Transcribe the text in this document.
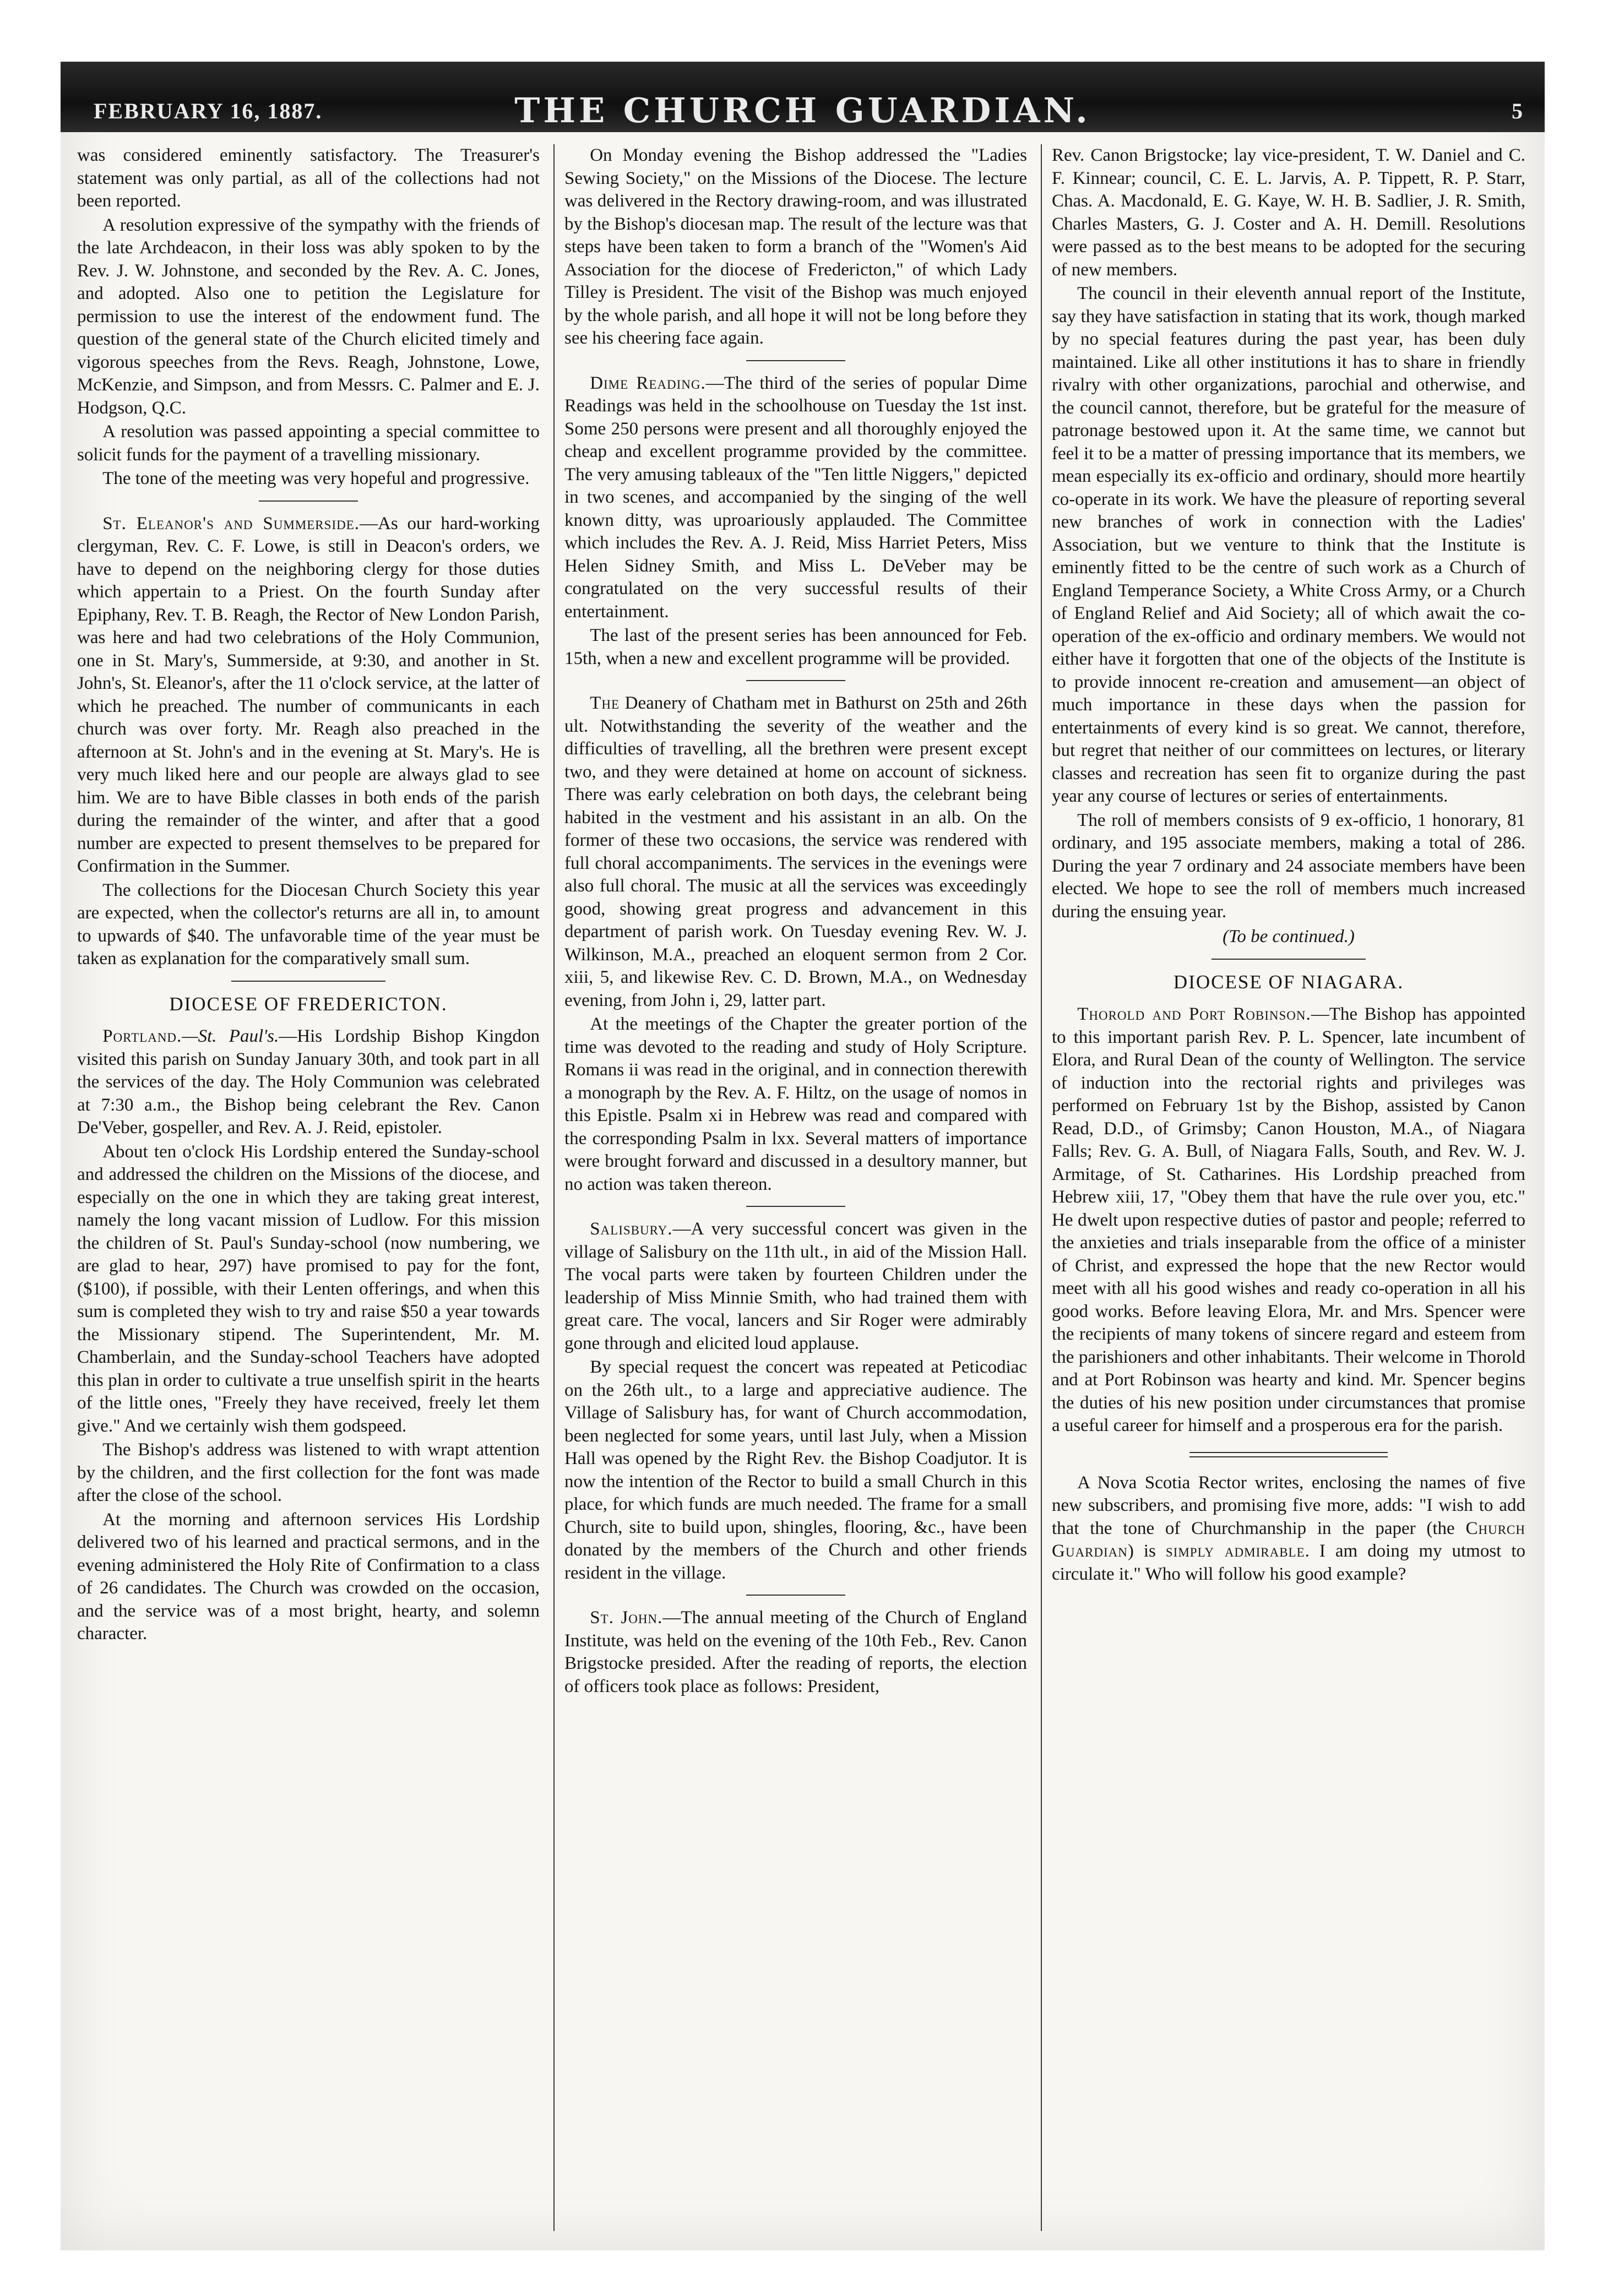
FEBRUARY 16, 1887.	THE CHURCH GUARDIAN.	5

was considered eminently satisfactory. The Treasurer's statement was only partial, as all of the collections had not been reported.

A resolution expressive of the sympathy with the friends of the late Archdeacon, in their loss was ably spoken to by the Rev. J. W. Johnstone, and seconded by the Rev. A. C. Jones, and adopted. Also one to petition the Legislature for permission to use the interest of the endowment fund. The question of the general state of the Church elicited timely and vigorous speeches from the Revs. Reagh, Johnstone, Lowe, McKenzie, and Simpson, and from Messrs. C. Palmer and E. J. Hodgson, Q.C.

A resolution was passed appointing a special committee to solicit funds for the payment of a travelling missionary.

The tone of the meeting was very hopeful and progressive.

St. Eleanor's and Summerside.—As our hard-working clergyman, Rev. C. F. Lowe, is still in Deacon's orders, we have to depend on the neighboring clergy for those duties which appertain to a Priest. On the fourth Sunday after Epiphany, Rev. T. B. Reagh, the Rector of New London Parish, was here and had two celebrations of the Holy Communion, one in St. Mary's, Summerside, at 9:30, and another in St. John's, St. Eleanor's, after the 11 o'clock service, at the latter of which he preached. The number of communicants in each church was over forty. Mr. Reagh also preached in the afternoon at St. John's and in the evening at St. Mary's. He is very much liked here and our people are always glad to see him. We are to have Bible classes in both ends of the parish during the remainder of the winter, and after that a good number are expected to present themselves to be prepared for Confirmation in the Summer.

The collections for the Diocesan Church Society this year are expected, when the collector's returns are all in, to amount to upwards of $40. The unfavorable time of the year must be taken as explanation for the comparatively small sum.

DIOCESE OF FREDERICTON.

Portland.—St. Paul's.—His Lordship Bishop Kingdon visited this parish on Sunday January 30th, and took part in all the services of the day. The Holy Communion was celebrated at 7:30 a.m., the Bishop being celebrant the Rev. Canon De'Veber, gospeller, and Rev. A. J. Reid, epistoler.

About ten o'clock His Lordship entered the Sunday-school and addressed the children on the Missions of the diocese, and especially on the one in which they are taking great interest, namely the long vacant mission of Ludlow. For this mission the children of St. Paul's Sunday-school (now numbering, we are glad to hear, 297) have promised to pay for the font, ($100), if possible, with their Lenten offerings, and when this sum is completed they wish to try and raise $50 a year towards the Missionary stipend. The Superintendent, Mr. M. Chamberlain, and the Sunday-school Teachers have adopted this plan in order to cultivate a true unselfish spirit in the hearts of the little ones, "Freely they have received, freely let them give." And we certainly wish them godspeed.

The Bishop's address was listened to with wrapt attention by the children, and the first collection for the font was made after the close of the school.

At the morning and afternoon services His Lordship delivered two of his learned and practical sermons, and in the evening administered the Holy Rite of Confirmation to a class of 26 candidates. The Church was crowded on the occasion, and the service was of a most bright, hearty, and solemn character.

On Monday evening the Bishop addressed the "Ladies Sewing Society," on the Missions of the Diocese. The lecture was delivered in the Rectory drawing-room, and was illustrated by the Bishop's diocesan map. The result of the lecture was that steps have been taken to form a branch of the "Women's Aid Association for the diocese of Fredericton," of which Lady Tilley is President. The visit of the Bishop was much enjoyed by the whole parish, and all hope it will not be long before they see his cheering face again.

Dime Reading.—The third of the series of popular Dime Readings was held in the schoolhouse on Tuesday the 1st inst. Some 250 persons were present and all thoroughly enjoyed the cheap and excellent programme provided by the committee. The very amusing tableaux of the "Ten little Niggers," depicted in two scenes, and accompanied by the singing of the well known ditty, was uproariously applauded. The Committee which includes the Rev. A. J. Reid, Miss Harriet Peters, Miss Helen Sidney Smith, and Miss L. DeVeber may be congratulated on the very successful results of their entertainment.

The last of the present series has been announced for Feb. 15th, when a new and excellent programme will be provided.

The Deanery of Chatham met in Bathurst on 25th and 26th ult. Notwithstanding the severity of the weather and the difficulties of travelling, all the brethren were present except two, and they were detained at home on account of sickness. There was early celebration on both days, the celebrant being habited in the vestment and his assistant in an alb. On the former of these two occasions, the service was rendered with full choral accompaniments. The services in the evenings were also full choral. The music at all the services was exceedingly good, showing great progress and advancement in this department of parish work. On Tuesday evening Rev. W. J. Wilkinson, M.A., preached an eloquent sermon from 2 Cor. xiii, 5, and likewise Rev. C. D. Brown, M.A., on Wednesday evening, from John i, 29, latter part.

At the meetings of the Chapter the greater portion of the time was devoted to the reading and study of Holy Scripture. Romans ii was read in the original, and in connection therewith a monograph by the Rev. A. F. Hiltz, on the usage of nomos in this Epistle. Psalm xi in Hebrew was read and compared with the corresponding Psalm in lxx. Several matters of importance were brought forward and discussed in a desultory manner, but no action was taken thereon.

Salisbury.—A very successful concert was given in the village of Salisbury on the 11th ult., in aid of the Mission Hall. The vocal parts were taken by fourteen Children under the leadership of Miss Minnie Smith, who had trained them with great care. The vocal, lancers and Sir Roger were admirably gone through and elicited loud applause.

By special request the concert was repeated at Peticodiac on the 26th ult., to a large and appreciative audience. The Village of Salisbury has, for want of Church accommodation, been neglected for some years, until last July, when a Mission Hall was opened by the Right Rev. the Bishop Coadjutor. It is now the intention of the Rector to build a small Church in this place, for which funds are much needed. The frame for a small Church, site to build upon, shingles, flooring, &c., have been donated by the members of the Church and other friends resident in the village.

St. John.—The annual meeting of the Church of England Institute, was held on the evening of the 10th Feb., Rev. Canon Brigstocke presided. After the reading of reports, the election of officers took place as follows: President,

Rev. Canon Brigstocke; lay vice-president, T. W. Daniel and C. F. Kinnear; council, C. E. L. Jarvis, A. P. Tippett, R. P. Starr, Chas. A. Macdonald, E. G. Kaye, W. H. B. Sadlier, J. R. Smith, Charles Masters, G. J. Coster and A. H. Demill. Resolutions were passed as to the best means to be adopted for the securing of new members.

The council in their eleventh annual report of the Institute, say they have satisfaction in stating that its work, though marked by no special features during the past year, has been duly maintained. Like all other institutions it has to share in friendly rivalry with other organizations, parochial and otherwise, and the council cannot, therefore, but be grateful for the measure of patronage bestowed upon it. At the same time, we cannot but feel it to be a matter of pressing importance that its members, we mean especially its ex-officio and ordinary, should more heartily co-operate in its work. We have the pleasure of reporting several new branches of work in connection with the Ladies' Association, but we venture to think that the Institute is eminently fitted to be the centre of such work as a Church of England Temperance Society, a White Cross Army, or a Church of England Relief and Aid Society; all of which await the co-operation of the ex-officio and ordinary members. We would not either have it forgotten that one of the objects of the Institute is to provide innocent re-creation and amusement—an object of much importance in these days when the passion for entertainments of every kind is so great. We cannot, therefore, but regret that neither of our committees on lectures, or literary classes and recreation has seen fit to organize during the past year any course of lectures or series of entertainments.

The roll of members consists of 9 ex-officio, 1 honorary, 81 ordinary, and 195 associate members, making a total of 286. During the year 7 ordinary and 24 associate members have been elected. We hope to see the roll of members much increased during the ensuing year.

(To be continued.)

DIOCESE OF NIAGARA.

Thorold and Port Robinson.—The Bishop has appointed to this important parish Rev. P. L. Spencer, late incumbent of Elora, and Rural Dean of the county of Wellington. The service of induction into the rectorial rights and privileges was performed on February 1st by the Bishop, assisted by Canon Read, D.D., of Grimsby; Canon Houston, M.A., of Niagara Falls; Rev. G. A. Bull, of Niagara Falls, South, and Rev. W. J. Armitage, of St. Catharines. His Lordship preached from Hebrew xiii, 17, "Obey them that have the rule over you, etc." He dwelt upon respective duties of pastor and people; referred to the anxieties and trials inseparable from the office of a minister of Christ, and expressed the hope that the new Rector would meet with all his good wishes and ready co-operation in all his good works. Before leaving Elora, Mr. and Mrs. Spencer were the recipients of many tokens of sincere regard and esteem from the parishioners and other inhabitants. Their welcome in Thorold and at Port Robinson was hearty and kind. Mr. Spencer begins the duties of his new position under circumstances that promise a useful career for himself and a prosperous era for the parish.

A Nova Scotia Rector writes, enclosing the names of five new subscribers, and promising five more, adds: "I wish to add that the tone of Churchmanship in the paper (the Church Guardian) is simply admirable. I am doing my utmost to circulate it." Who will follow his good example?
